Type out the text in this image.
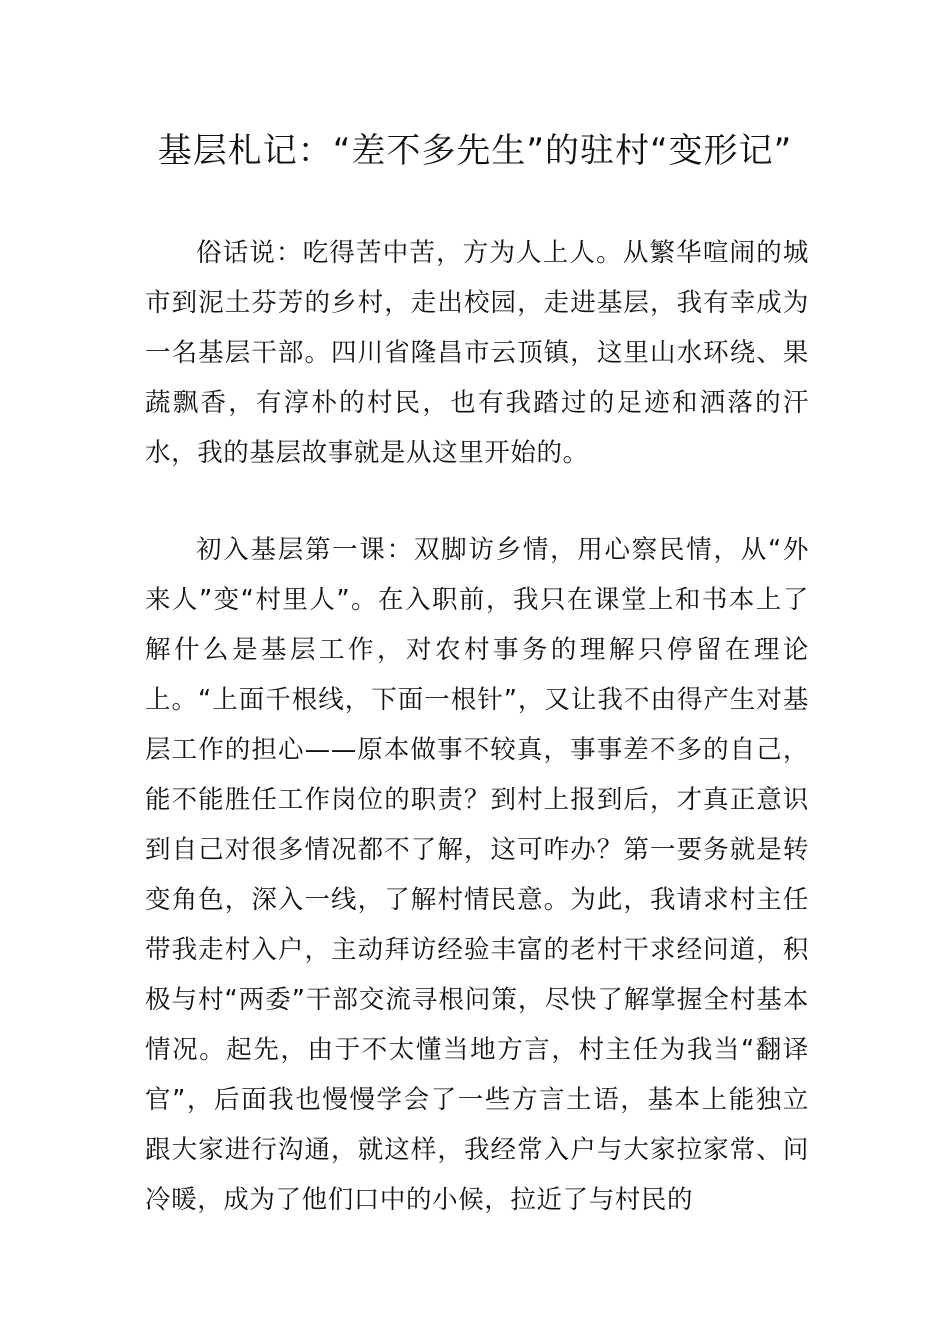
基层札记：“差不多先生”的驻村“变形记”

俗话说：吃得苦中苦，方为人上人。从繁华喧闹的城市到泥土芬芳的乡村，走出校园，走进基层，我有幸成为一名基层干部。四川省隆昌市云顶镇，这里山水环绕、果蔬飘香，有淳朴的村民，也有我踏过的足迹和洒落的汗水，我的基层故事就是从这里开始的。

初入基层第一课：双脚访乡情，用心察民情，从“外来人”变“村里人”。在入职前，我只在课堂上和书本上了解什么是基层工作，对农村事务的理解只停留在理论上。“上面千根线，下面一根针”，又让我不由得产生对基层工作的担心——原本做事不较真，事事差不多的自己，能不能胜任工作岗位的职责？到村上报到后，才真正意识到自己对很多情况都不了解，这可咋办？第一要务就是转变角色，深入一线，了解村情民意。为此，我请求村主任带我走村入户，主动拜访经验丰富的老村干求经问道，积极与村“两委”干部交流寻根问策，尽快了解掌握全村基本情况。起先，由于不太懂当地方言，村主任为我当“翻译官”，后面我也慢慢学会了一些方言土语，基本上能独立跟大家进行沟通，就这样，我经常入户与大家拉家常、问冷暖，成为了他们口中的小候，拉近了与村民的
